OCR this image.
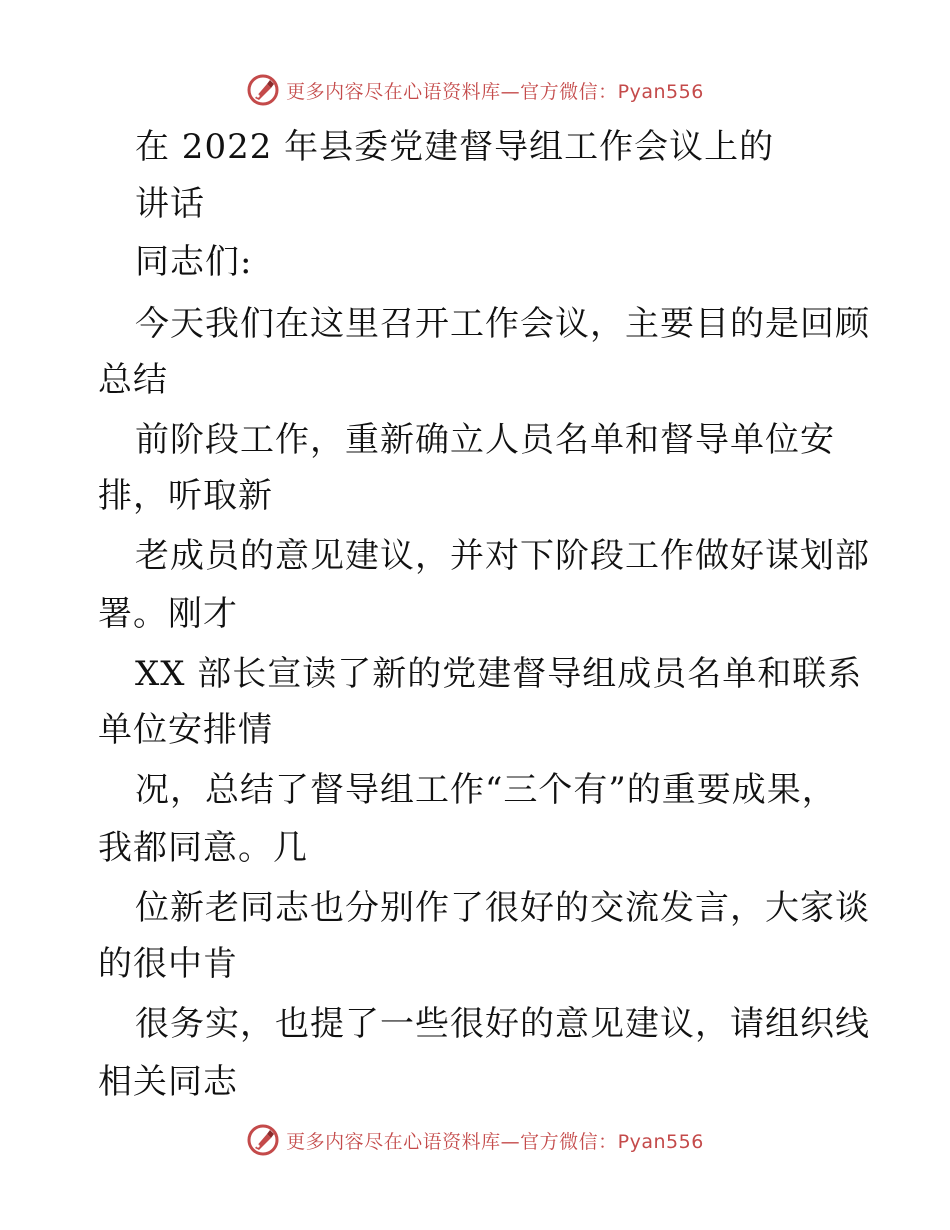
更多内容尽在心语资料库—官方微信：Pyan556
在 2022 年县委党建督导组工作会议上的
讲话
同志们:
今天我们在这里召开工作会议，主要目的是回顾
总结
前阶段工作，重新确立人员名单和督导单位安
排，听取新
老成员的意见建议，并对下阶段工作做好谋划部
署。刚才
XX 部长宣读了新的党建督导组成员名单和联系
单位安排情
况，总结了督导组工作“三个有”的重要成果，
我都同意。几
位新老同志也分别作了很好的交流发言，大家谈
的很中肯
很务实，也提了一些很好的意见建议，请组织线
相关同志
更多内容尽在心语资料库—官方微信：Pyan556
